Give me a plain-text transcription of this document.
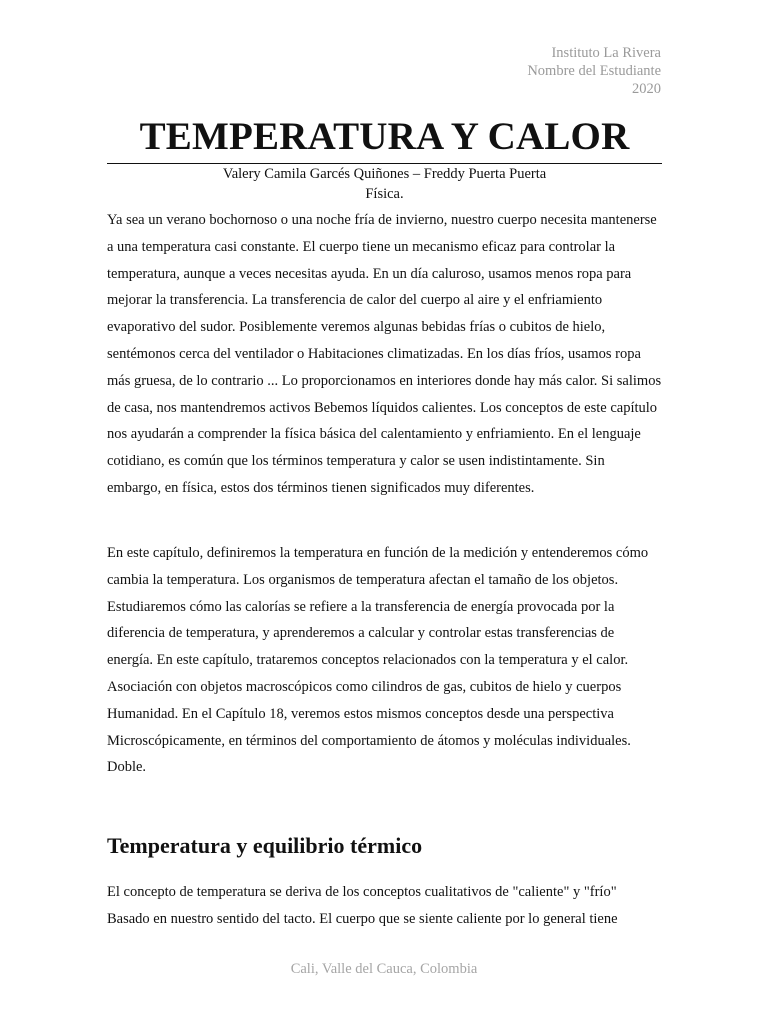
Instituto La Rivera
Nombre del Estudiante
2020
TEMPERATURA Y CALOR
Valery Camila Garcés Quiñones – Freddy Puerta Puerta
Física.

Ya sea un verano bochornoso o una noche fría de invierno, nuestro cuerpo necesita mantenerse a una temperatura casi constante. El cuerpo tiene un mecanismo eficaz para controlar la temperatura, aunque a veces necesitas ayuda. En un día caluroso, usamos menos ropa para mejorar la transferencia. La transferencia de calor del cuerpo al aire y el enfriamiento evaporativo del sudor. Posiblemente veremos algunas bebidas frías o cubitos de hielo, sentémonos cerca del ventilador o Habitaciones climatizadas. En los días fríos, usamos ropa más gruesa, de lo contrario ... Lo proporcionamos en interiores donde hay más calor. Si salimos de casa, nos mantendremos activos Bebemos líquidos calientes. Los conceptos de este capítulo nos ayudarán a comprender la física básica del calentamiento y enfriamiento. En el lenguaje cotidiano, es común que los términos temperatura y calor se usen indistintamente. Sin embargo, en física, estos dos términos tienen significados muy diferentes.

En este capítulo, definiremos la temperatura en función de la medición y entenderemos cómo cambia la temperatura. Los organismos de temperatura afectan el tamaño de los objetos. Estudiaremos cómo las calorías se refiere a la transferencia de energía provocada por la diferencia de temperatura, y aprenderemos a calcular y controlar estas transferencias de energía. En este capítulo, trataremos conceptos relacionados con la temperatura y el calor. Asociación con objetos macroscópicos como cilindros de gas, cubitos de hielo y cuerpos Humanidad. En el Capítulo 18, veremos estos mismos conceptos desde una perspectiva Microscópicamente, en términos del comportamiento de átomos y moléculas individuales. Doble.

Temperatura y equilibrio térmico

El concepto de temperatura se deriva de los conceptos cualitativos de "caliente" y "frío" Basado en nuestro sentido del tacto. El cuerpo que se siente caliente por lo general tiene

Cali, Valle del Cauca, Colombia
